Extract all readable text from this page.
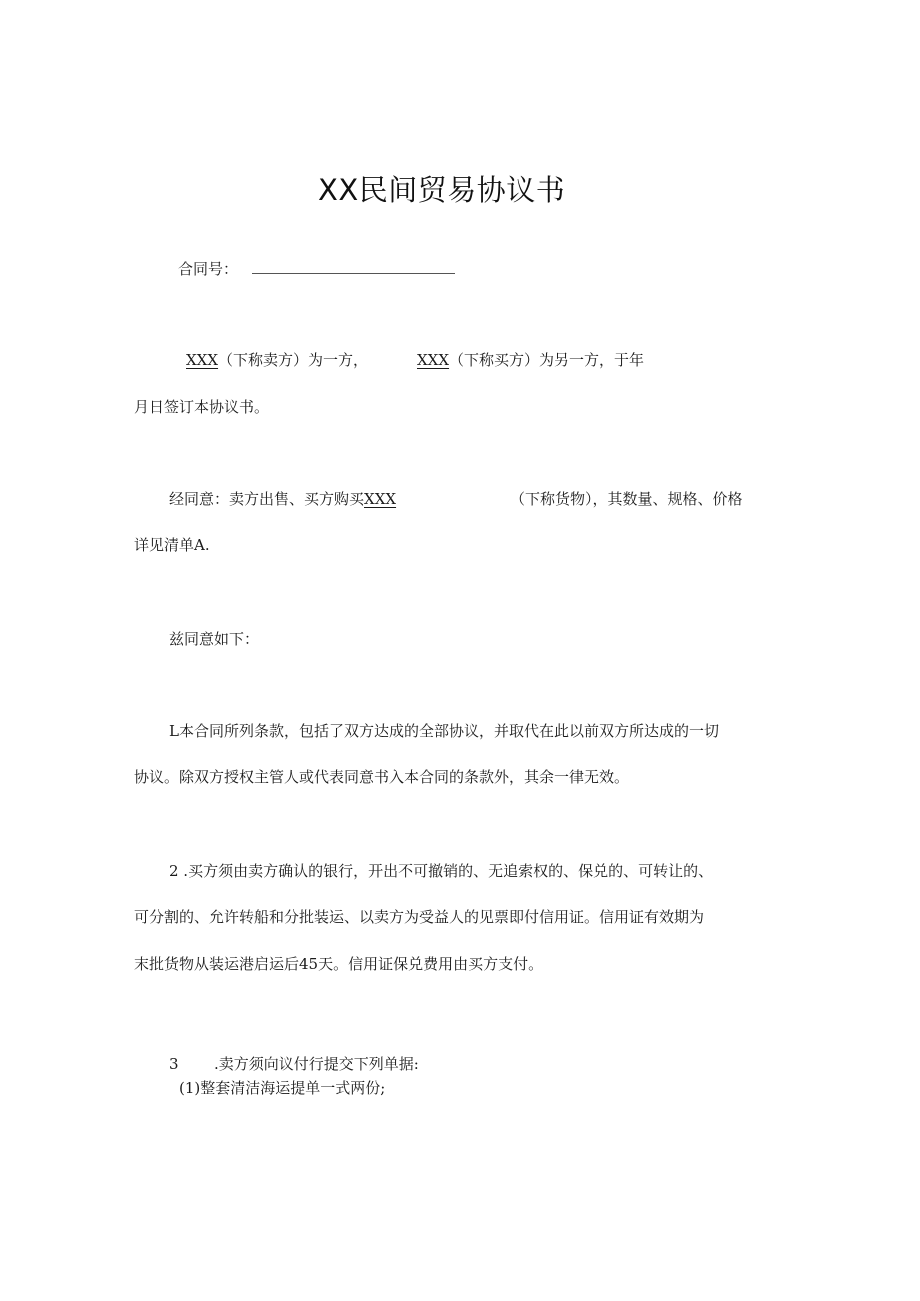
XX民间贸易协议书
合同号：
XXX（下称卖方）为一方，	XXX（下称买方）为另一方，于年
月日签订本协议书。
经同意：卖方出售、买方购买XXX	（下称货物），其数量、规格、价格
详见清单A.
兹同意如下：
L本合同所列条款，包括了双方达成的全部协议，并取代在此以前双方所达成的一切
协议。除双方授权主管人或代表同意书入本合同的条款外，其余一律无效。
2 .买方须由卖方确认的银行，开出不可撤销的、无追索权的、保兑的、可转让的、
可分割的、允许转船和分批装运、以卖方为受益人的见票即付信用证。信用证有效期为
末批货物从装运港启运后45天。信用证保兑费用由买方支付。
3 .卖方须向议付行提交下列单据:
(1)整套清洁海运提单一式两份;
